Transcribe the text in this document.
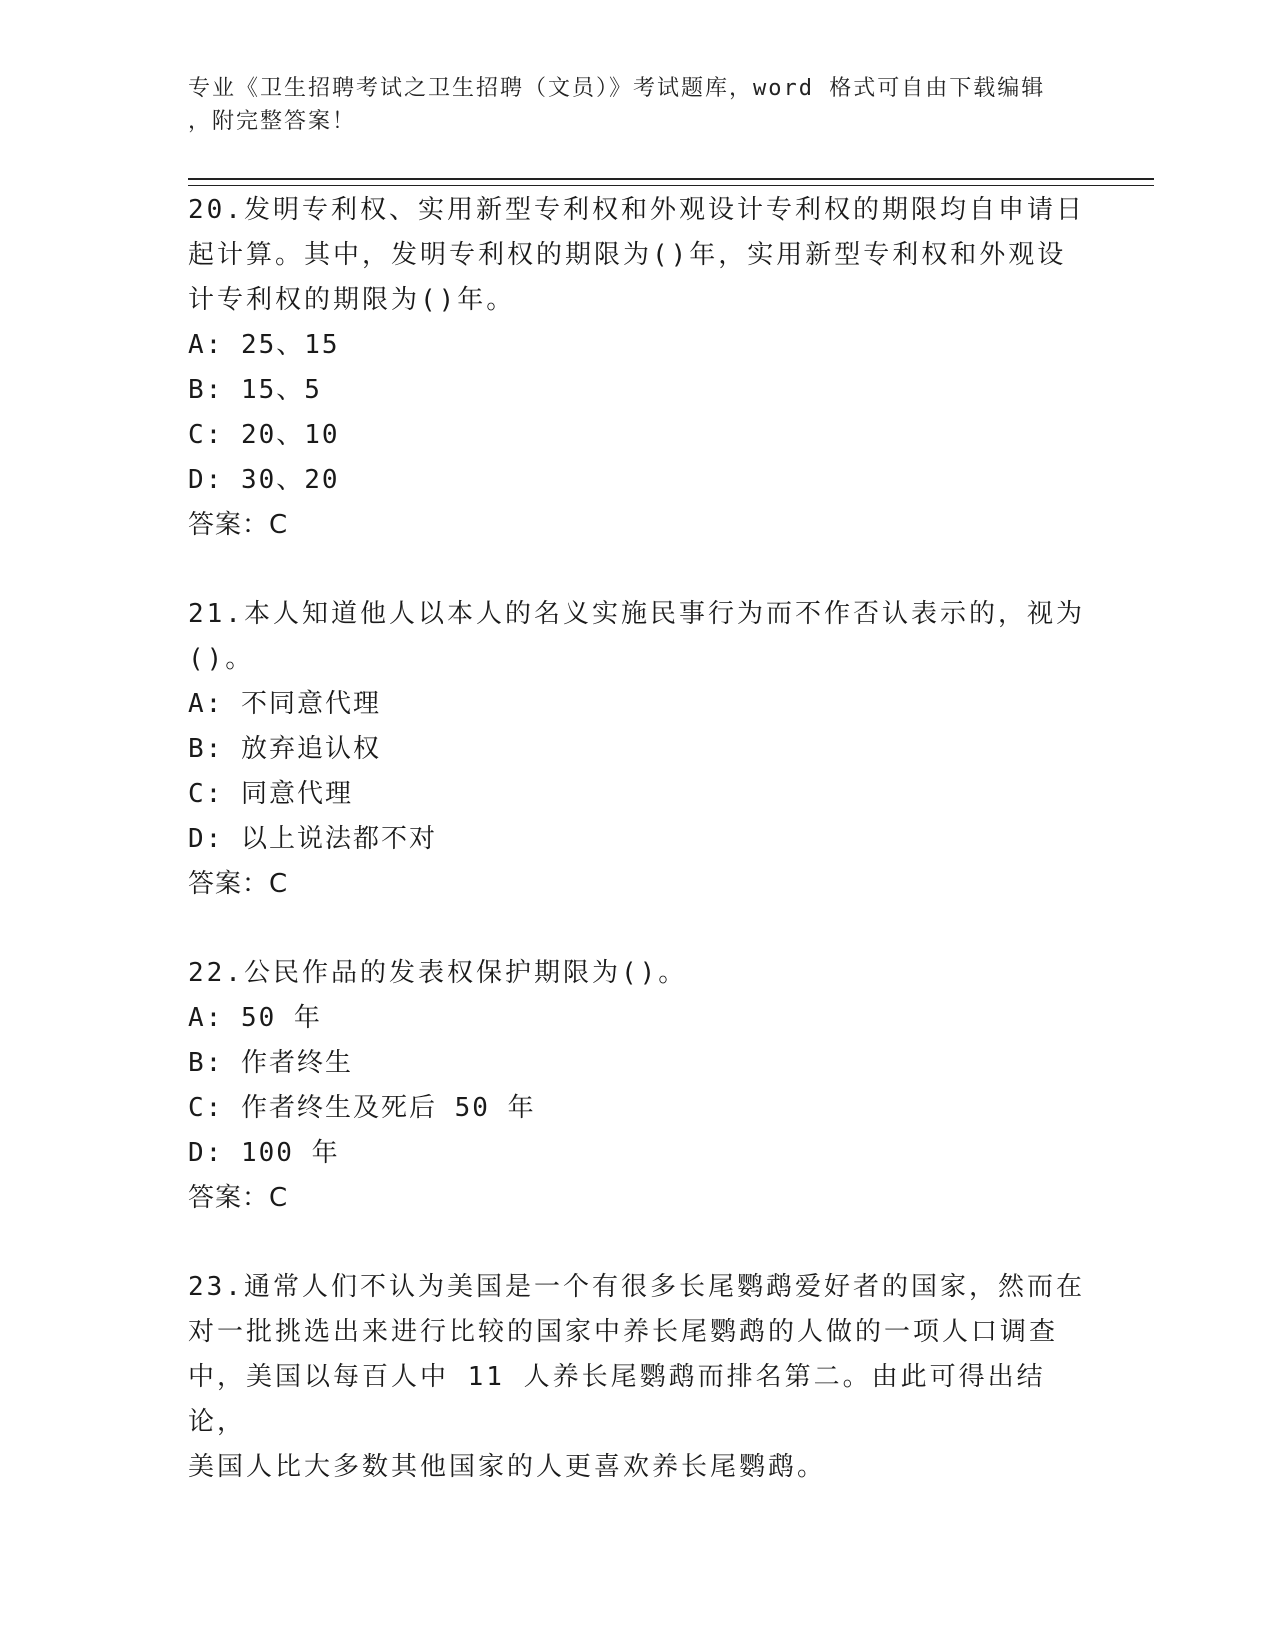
专业《卫生招聘考试之卫生招聘（文员）》考试题库，word 格式可自由下载编辑
，附完整答案！

20.发明专利权、实用新型专利权和外观设计专利权的期限均自申请日

起计算。其中，发明专利权的期限为()年，实用新型专利权和外观设

计专利权的期限为()年。

A: 25、15

B: 15、5

C: 20、10

D: 30、20

答案：C

21.本人知道他人以本人的名义实施民事行为而不作否认表示的，视为

()。

A: 不同意代理

B: 放弃追认权

C: 同意代理

D: 以上说法都不对

答案：C

22.公民作品的发表权保护期限为()。

A: 50 年

B: 作者终生

C: 作者终生及死后 50 年

D: 100 年

答案：C

23.通常人们不认为美国是一个有很多长尾鹦鹉爱好者的国家，然而在

对一批挑选出来进行比较的国家中养长尾鹦鹉的人做的一项人口调查

中，美国以每百人中 11 人养长尾鹦鹉而排名第二。由此可得出结论，

美国人比大多数其他国家的人更喜欢养长尾鹦鹉。
